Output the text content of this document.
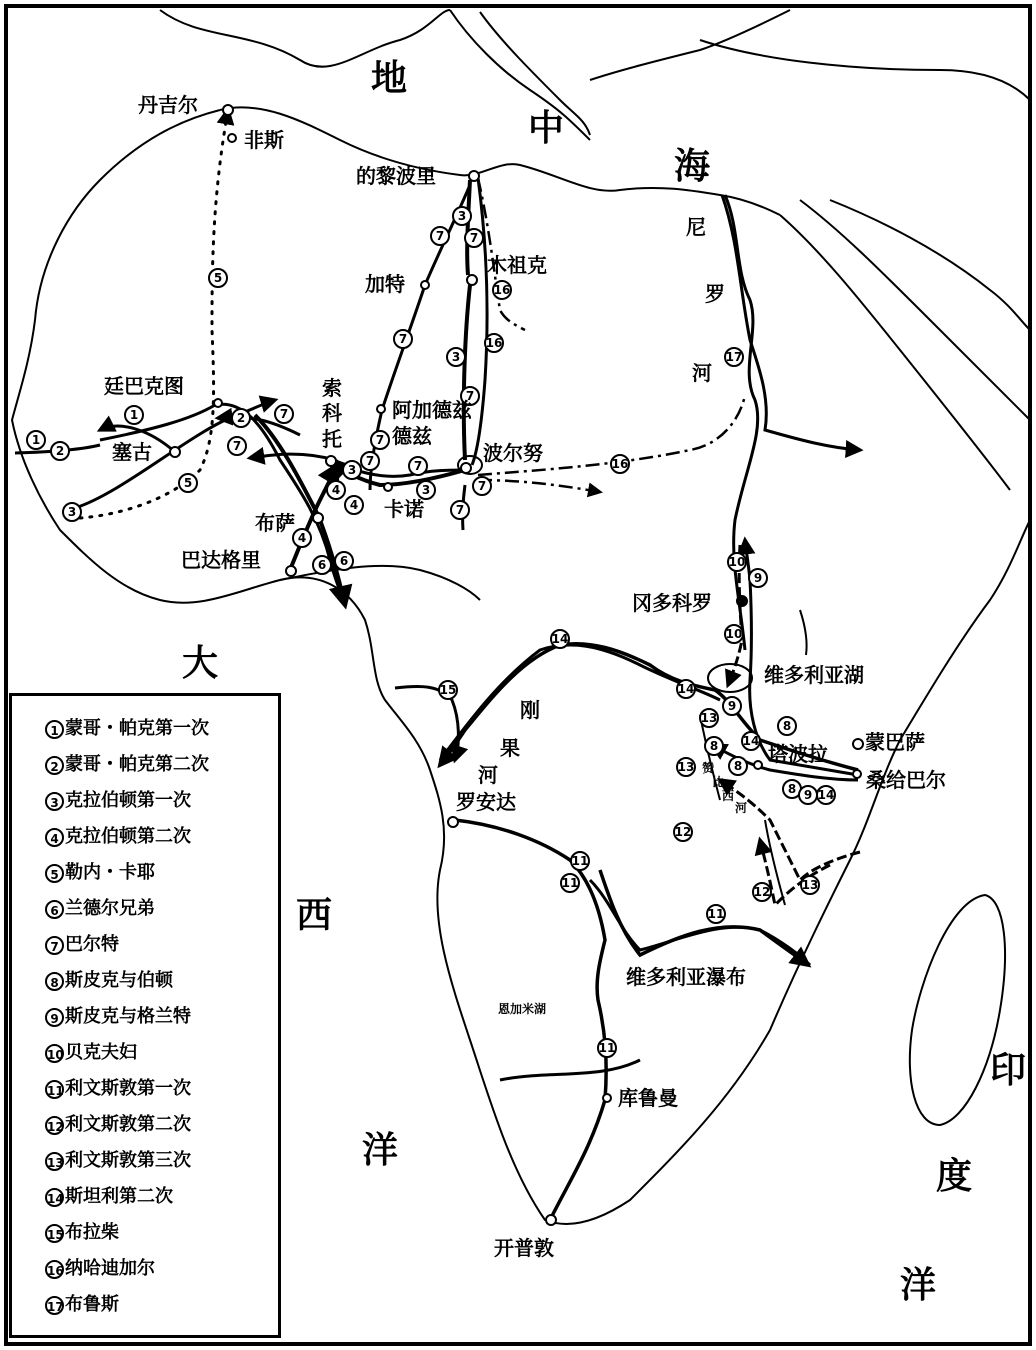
1
2
1
3
5
5
2
7
7
7
3
7
16
7	16
3
7
7
7
3
4
4
7
3
7
7
16
4
6 6
17
10
9
10
14
14
9
15
13
8
14
8
8
13
8 9 14
12
11
11	13
12
11
11
地
中
海
大
西
洋
印
度
洋
尼
罗
河
刚
果
河	赞
比
西
河
丹吉尔
非斯
的黎波里
木祖克
加特
阿加德兹
德兹
廷巴克图
塞古
索
科
托
波尔努
卡诺
布萨
巴达格里
冈多科罗
维多利亚湖
塔波拉 蒙巴萨
桑给巴尔
罗安达
维多利亚瀑布
恩加米湖
库鲁曼
开普敦
1 蒙哥・帕克第一次
2 蒙哥・帕克第二次
3 克拉伯顿第一次
4 克拉伯顿第二次
5 勒内・卡耶
6 兰德尔兄弟
7 巴尔特
8 斯皮克与伯顿
9 斯皮克与格兰特
10贝克夫妇
11利文斯敦第一次
12利文斯敦第二次
13利文斯敦第三次
14斯坦利第二次
15布拉柴
16纳哈迪加尔
17布鲁斯
